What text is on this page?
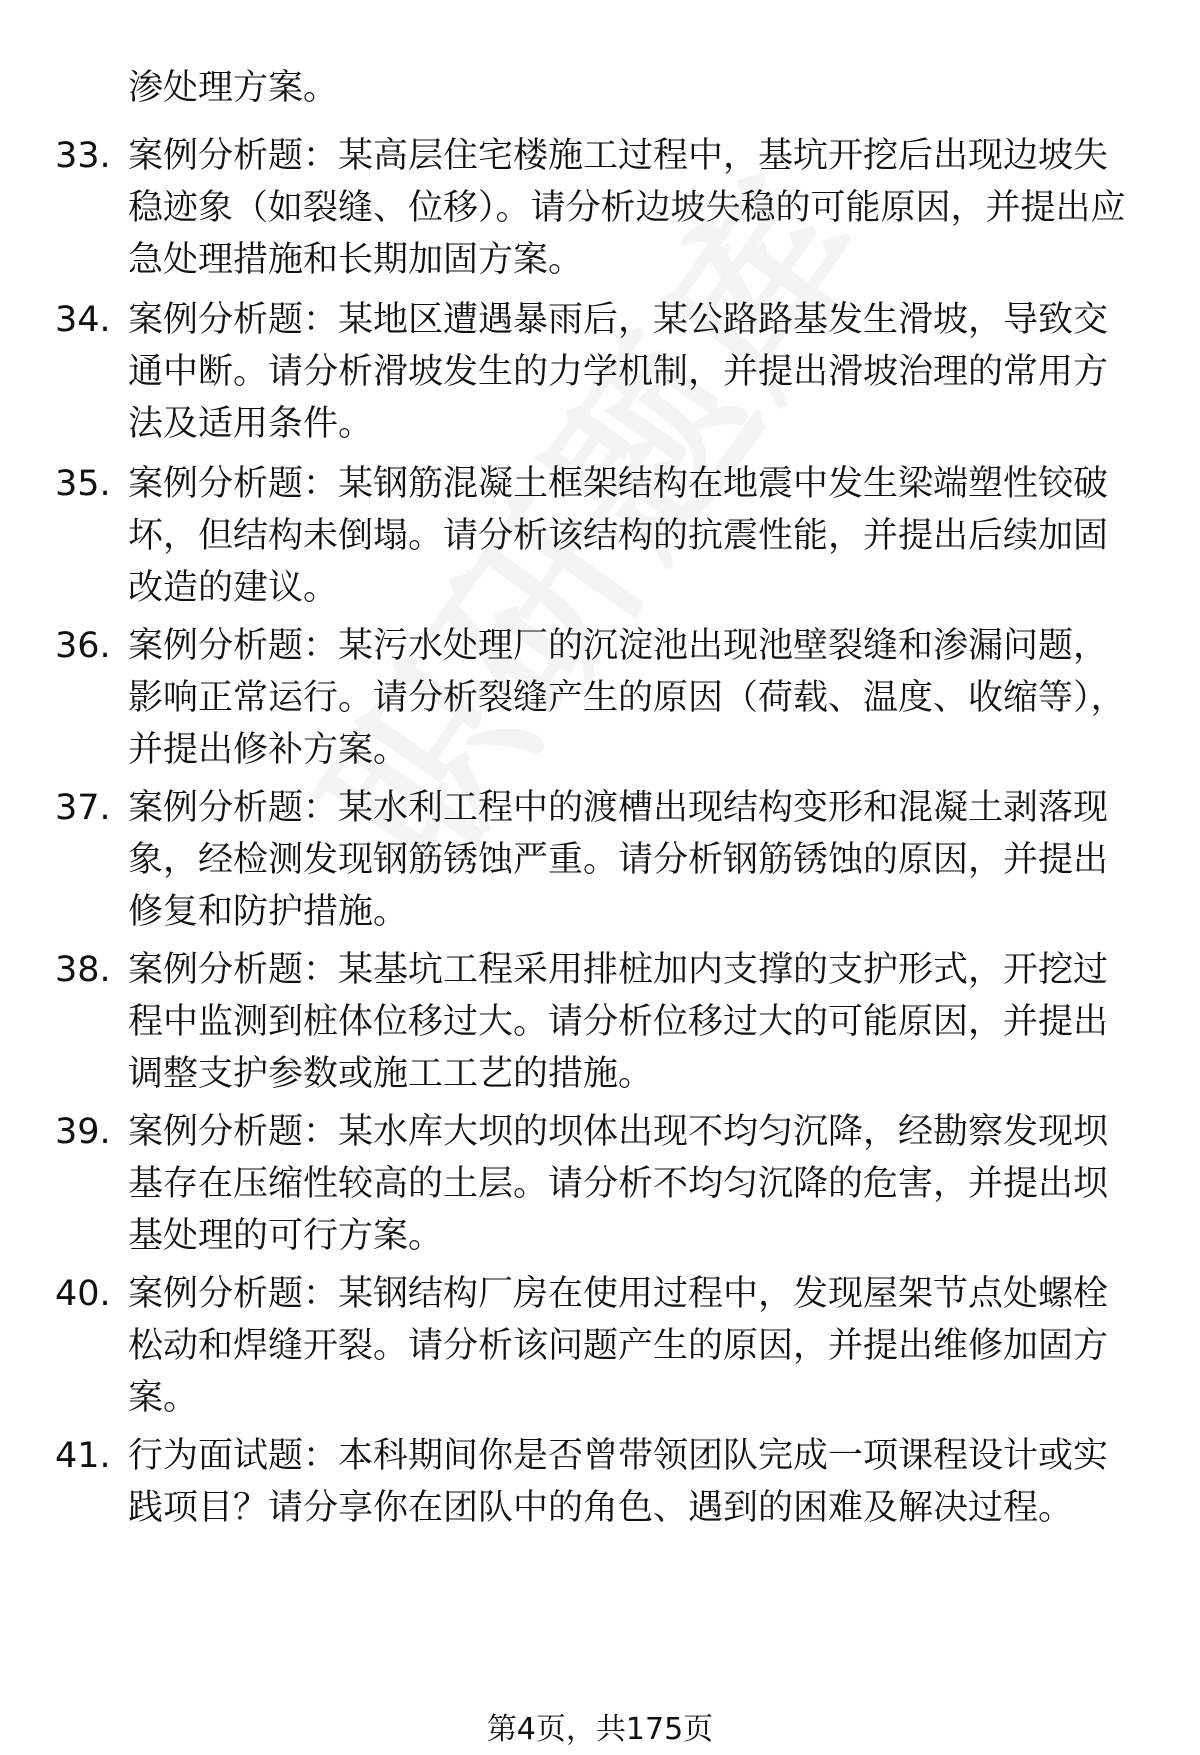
渗处理方案。
33. 案例分析题：某高层住宅楼施工过程中，基坑开挖后出现边坡失稳迹象（如裂缝、位移）。请分析边坡失稳的可能原因，并提出应急处理措施和长期加固方案。
34. 案例分析题：某地区遭遇暴雨后，某公路路基发生滑坡，导致交通中断。请分析滑坡发生的力学机制，并提出滑坡治理的常用方法及适用条件。
35. 案例分析题：某钢筋混凝土框架结构在地震中发生梁端塑性铰破坏，但结构未倒塌。请分析该结构的抗震性能，并提出后续加固改造的建议。
36. 案例分析题：某污水处理厂的沉淀池出现池壁裂缝和渗漏问题，影响正常运行。请分析裂缝产生的原因（荷载、温度、收缩等），并提出修补方案。
37. 案例分析题：某水利工程中的渡槽出现结构变形和混凝土剥落现象，经检测发现钢筋锈蚀严重。请分析钢筋锈蚀的原因，并提出修复和防护措施。
38. 案例分析题：某基坑工程采用排桩加内支撑的支护形式，开挖过程中监测到桩体位移过大。请分析位移过大的可能原因，并提出调整支护参数或施工工艺的措施。
39. 案例分析题：某水库大坝的坝体出现不均匀沉降，经勘察发现坝基存在压缩性较高的土层。请分析不均匀沉降的危害，并提出坝基处理的可行方案。
40. 案例分析题：某钢结构厂房在使用过程中，发现屋架节点处螺栓松动和焊缝开裂。请分析该问题产生的原因，并提出维修加固方案。
41. 行为面试题：本科期间你是否曾带领团队完成一项课程设计或实践项目？请分享你在团队中的角色、遇到的困难及解决过程。
第4页，共175页
